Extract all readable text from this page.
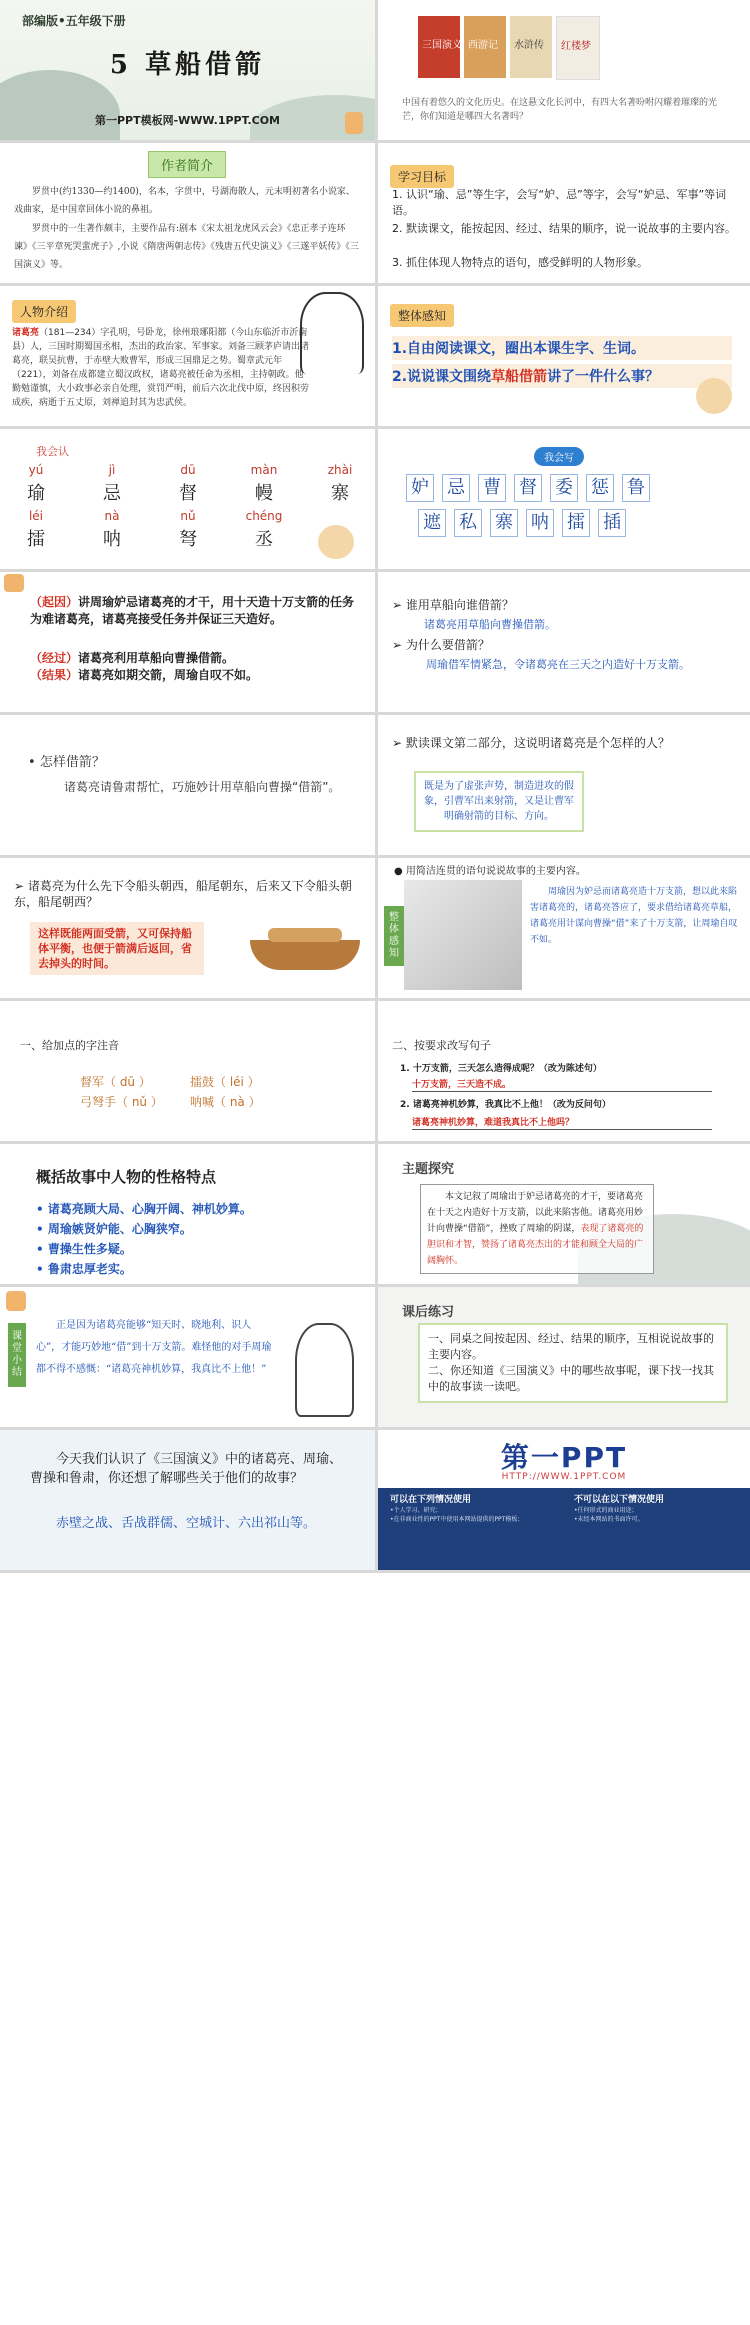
部编版•五年级下册
5 草船借箭
第一PPT模板网-WWW.1PPT.COM
三国演义 西游记 水浒传 红楼梦
中国有着悠久的文化历史。在这悬文化长河中，有四大名著吩咐闪耀着璀璨的光芒，你们知道是哪四大名著吗？
作者简介
罗贯中(约1330—约1400)，名本，字贯中，号湖海散人，元末明初著名小说家、戏曲家，是中国章回体小说的鼻祖。
罗贯中的一生著作颇丰，主要作品有:剧本《宋太祖龙虎风云会》《忠正孝子连环谏》《三平章死哭蜚虎子》,小说《隋唐两朝志传》《残唐五代史演义》《三遂平妖传》《三国演义》等。
学习目标
1. 认识“瑜、忌”等生字，会写“妒、忌”等字，会写“妒忌、军事”等词语。
2. 默读课文，能按起因、经过、结果的顺序，说一说故事的主要内容。
3. 抓住体现人物特点的语句，感受鲜明的人物形象。
人物介绍
诸葛亮（181—234）字孔明，号卧龙，徐州琅琊阳都（今山东临沂市沂南县）人，三国时期蜀国丞相，杰出的政治家、军事家。刘备三顾茅庐请出诸葛亮，联吴抗曹，于赤壁大败曹军，形成三国鼎足之势。蜀章武元年（221），刘备在成都建立蜀汉政权，诸葛亮被任命为丞相，主持朝政。他勤勉谨慎，大小政事必亲自处理，赏罚严明，前后六次北伐中原，终因积劳成疾，病逝于五丈原，刘禅追封其为忠武侯。
整体感知
1.自由阅读课文，圈出本课生字、生词。
2.说说课文围绕草船借箭讲了一件什么事？
我会认
yú
瑜
jì
忌
dū
督
màn
幔
zhài
寨
léi
擂
nà
呐
nǔ
弩
chéng
丞
我会写
妒 忌 曹 督 委 惩 鲁
遮 私 寨 呐 擂 插
（起因）讲周瑜妒忌诸葛亮的才干，用十天造十万支箭的任务为难诸葛亮，诸葛亮接受任务并保证三天造好。
（经过）诸葛亮利用草船向曹操借箭。
（结果）诸葛亮如期交箭，周瑜自叹不如。
➢ 谁用草船向谁借箭？
诸葛亮用草船向曹操借箭。
➢ 为什么要借箭？
周瑜借军情紧急，令诸葛亮在三天之内造好十万支箭。
• 怎样借箭？
诸葛亮请鲁肃帮忙，巧施妙计用草船向曹操“借箭”。
➢ 默读课文第二部分，这说明诸葛亮是个怎样的人？
既是为了虚张声势，制造进攻的假象，引曹军出来射箭，又是让曹军明确射箭的目标、方向。
➢ 诸葛亮为什么先下令船头朝西，船尾朝东，后来又下令船头朝东，船尾朝西？
这样既能两面受箭，又可保持船体平衡，也便于箭满后返回，省去掉头的时间。
● 用简洁连贯的语句说说故事的主要内容。
整体感知
周瑜因为妒忌而诸葛亮造十万支箭，想以此来陷害诸葛亮的，诸葛亮答应了，要求借给诸葛亮草船，诸葛亮用计谋向曹操“借”来了十万支箭，让周瑜自叹不如。
一、给加点的字注音
督军（ dū ）	擂鼓（ léi ）
弓弩手（ nǔ ） 呐喊（ nà ）
二、按要求改写句子
1. 十万支箭，三天怎么造得成呢？（改为陈述句）
十万支箭，三天造不成。
2. 诸葛亮神机妙算，我真比不上他！（改为反问句）
诸葛亮神机妙算，难道我真比不上他吗？
概括故事中人物的性格特点
• 诸葛亮顾大局、心胸开阔、神机妙算。
• 周瑜嫉贤妒能、心胸狭窄。
• 曹操生性多疑。
• 鲁肃忠厚老实。
主题探究
本文记叙了周瑜出于妒忌诸葛亮的才干，要诸葛亮在十天之内造好十万支箭，以此来陷害他。诸葛亮用妙计向曹操“借箭”，挫败了周瑜的阴谋，表现了诸葛亮的胆识和才智，赞扬了诸葛亮杰出的才能和顾全大局的广阔胸怀。
课堂小结
正是因为诸葛亮能够“知天时、晓地利、识人心”，才能巧妙地“借”到十万支箭。难怪他的对手周瑜都不得不感慨：“诸葛亮神机妙算，我真比不上他！”
课后练习
一、同桌之间按起因、经过、结果的顺序，互相说说故事的主要内容。
二、你还知道《三国演义》中的哪些故事呢，课下找一找其中的故事读一读吧。
今天我们认识了《三国演义》中的诸葛亮、周瑜、曹操和鲁肃，你还想了解哪些关于他们的故事？
赤壁之战、舌战群儒、空城计、六出祁山等。
第一PPT
HTTP://WWW.1PPT.COM
可以在下列情况使用	不可以在以下情况使用
•个人学习、研究；
•在非商业性的PPT中使用本网站提供的PPT模板；
•任何形式的商业用途；
•未经本网站的书面许可。
